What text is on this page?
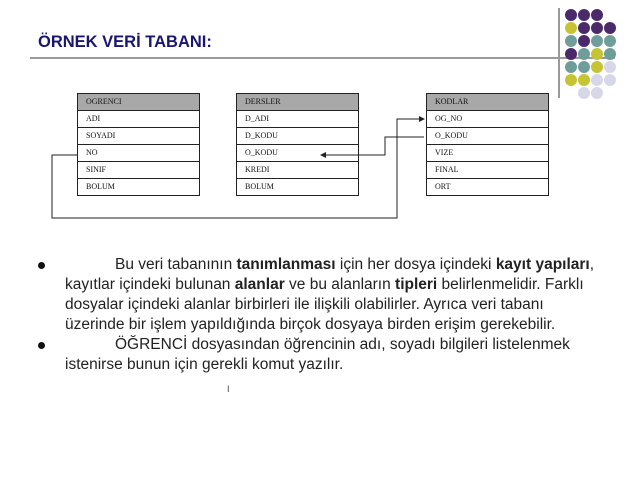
ÖRNEK VERİ TABANI:
OGRENCI
ADI
SOYADI
NO
SINIF
BOLUM
DERSLER
D_ADI
D_KODU
O_KODU
KREDI
BOLUM
KODLAR
OG_NO
O_KODU
VIZE
FINAL
ORT
Bu veri tabanının tanımlanması için her dosya içindeki kayıt yapıları, kayıtlar içindeki bulunan alanlar ve bu alanların tipleri belirlenmelidir. Farklı dosyalar içindeki alanlar birbirleri ile ilişkili olabilirler. Ayrıca veri tabanı üzerinde bir işlem yapıldığında birçok dosyaya birden erişim gerekebilir.
ÖĞRENCİ dosyasından öğrencinin adı, soyadı bilgileri listelenmek istenirse bunun için gerekli komut yazılır.
I
